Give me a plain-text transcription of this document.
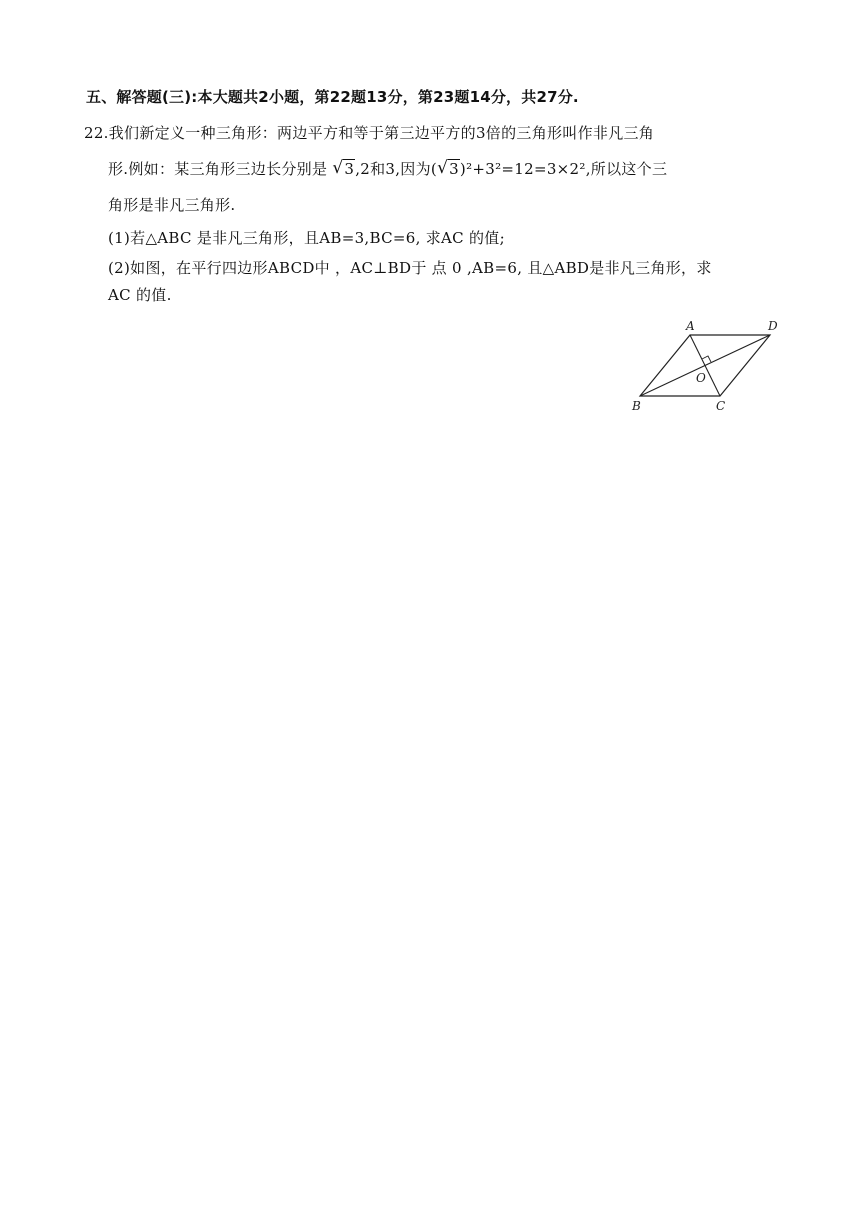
五、解答题(三):本大题共2小题，第22题13分，第23题14分，共27分.
22.我们新定义一种三角形：两边平方和等于第三边平方的3倍的三角形叫作非凡三角
形.例如：某三角形三边长分别是 √ 3,2和3,因为( √ 3)²+3²=12=3×2²,所以这个三
角形是非凡三角形.
(1)若△ABC 是非凡三角形，且AB=3,BC=6, 求AC 的值;
(2)如图，在平行四边形ABCD中 ，AC⊥BD于 点 0 ,AB=6, 且△ABD是非凡三角形，求
AC 的值.
A	D
O
B	C
